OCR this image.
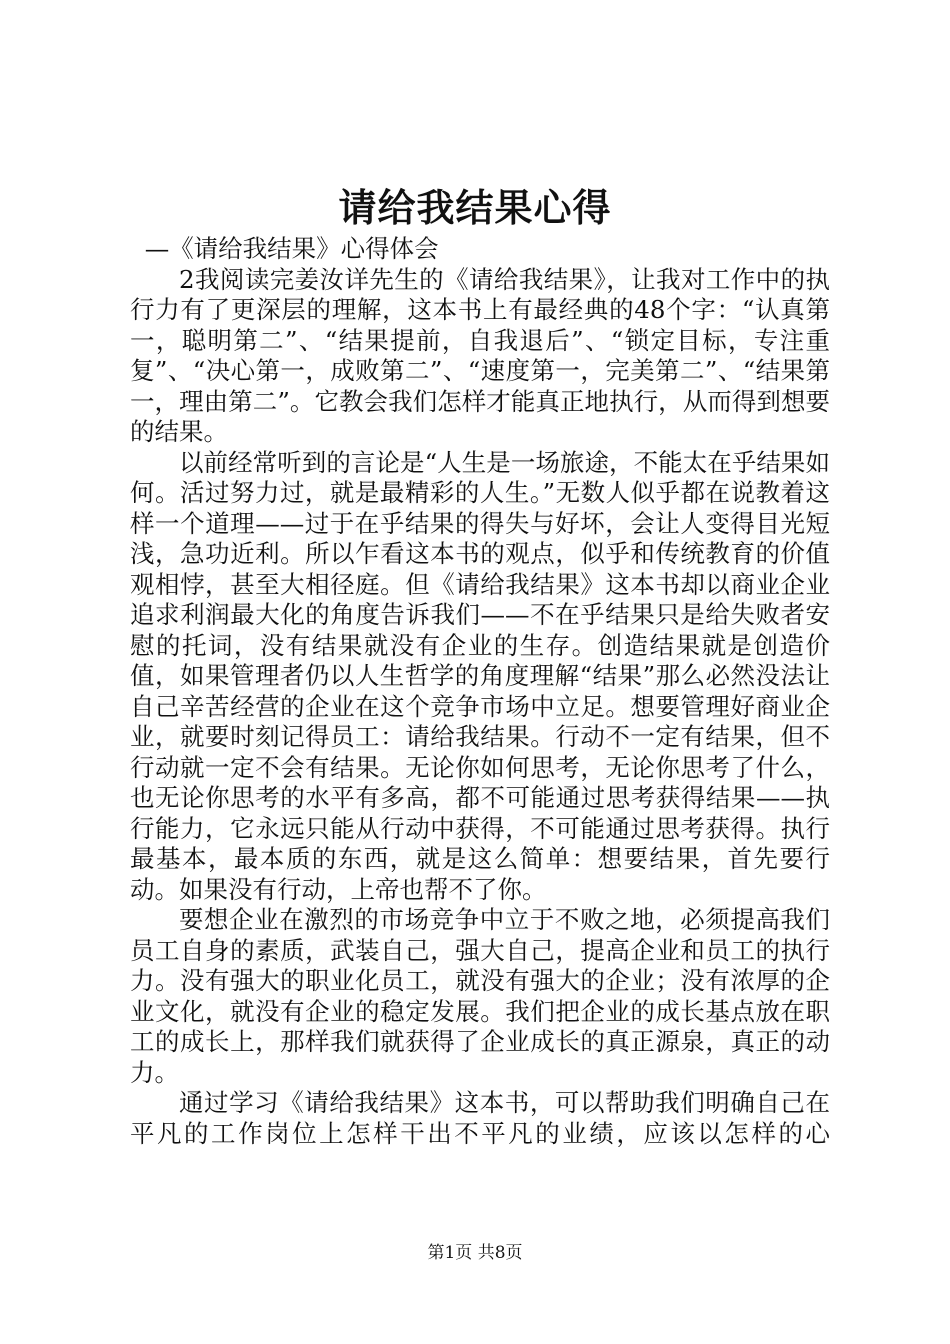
请给我结果心得

—《请给我结果》心得体会

2我阅读完姜汝详先生的《请给我结果》，让我对工作中的执行力有了更深层的理解，这本书上有最经典的48个字：“认真第一，聪明第二”、“结果提前，自我退后”、“锁定目标，专注重复”、“决心第一，成败第二”、“速度第一，完美第二”、“结果第一，理由第二”。它教会我们怎样才能真正地执行，从而得到想要的结果。

以前经常听到的言论是“人生是一场旅途，不能太在乎结果如何。活过努力过，就是最精彩的人生。”无数人似乎都在说教着这样一个道理——过于在乎结果的得失与好坏，会让人变得目光短浅，急功近利。所以乍看这本书的观点，似乎和传统教育的价值观相悖，甚至大相径庭。但《请给我结果》这本书却以商业企业追求利润最大化的角度告诉我们——不在乎结果只是给失败者安慰的托词，没有结果就没有企业的生存。创造结果就是创造价值，如果管理者仍以人生哲学的角度理解“结果”那么必然没法让自己辛苦经营的企业在这个竞争市场中立足。想要管理好商业企业，就要时刻记得员工：请给我结果。行动不一定有结果，但不行动就一定不会有结果。无论你如何思考，无论你思考了什么，也无论你思考的水平有多高，都不可能通过思考获得结果——执行能力，它永远只能从行动中获得，不可能通过思考获得。执行最基本，最本质的东西，就是这么简单：想要结果，首先要行动。如果没有行动，上帝也帮不了你。

要想企业在激烈的市场竞争中立于不败之地，必须提高我们员工自身的素质，武装自己，强大自己，提高企业和员工的执行力。没有强大的职业化员工，就没有强大的企业；没有浓厚的企业文化，就没有企业的稳定发展。我们把企业的成长基点放在职工的成长上，那样我们就获得了企业成长的真正源泉，真正的动力。

通过学习《请给我结果》这本书，可以帮助我们明确自己在平凡的工作岗位上怎样干出不平凡的业绩，应该以怎样的心

第1页 共8页
